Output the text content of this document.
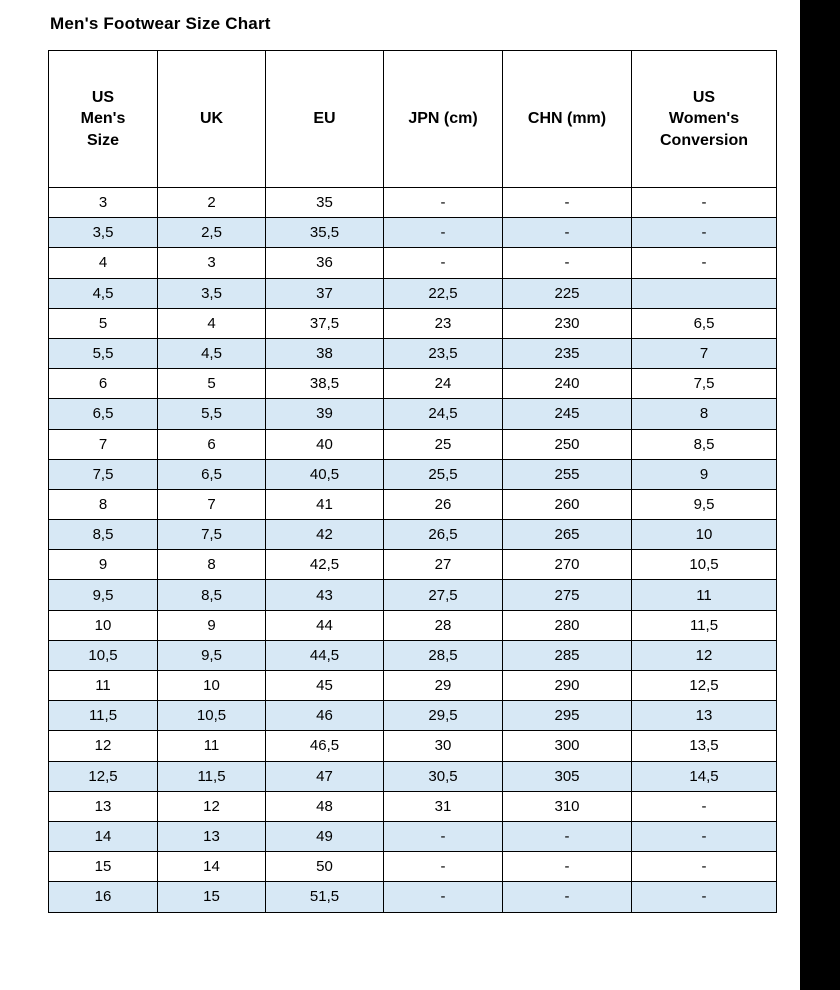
Men's Footwear Size Chart
US
Men's
Size	UK	EU	JPN (cm)	CHN (mm)	US
Women's
Conversion
3	2	35	-	-	-
3,5	2,5	35,5	-	-	-
4	3	36	-	-	-
4,5	3,5	37	22,5	225	
5	4	37,5	23	230	6,5
5,5	4,5	38	23,5	235	7
6	5	38,5	24	240	7,5
6,5	5,5	39	24,5	245	8
7	6	40	25	250	8,5
7,5	6,5	40,5	25,5	255	9
8	7	41	26	260	9,5
8,5	7,5	42	26,5	265	10
9	8	42,5	27	270	10,5
9,5	8,5	43	27,5	275	11
10	9	44	28	280	11,5
10,5	9,5	44,5	28,5	285	12
11	10	45	29	290	12,5
11,5	10,5	46	29,5	295	13
12	11	46,5	30	300	13,5
12,5	11,5	47	30,5	305	14,5
13	12	48	31	310	-
14	13	49	-	-	-
15	14	50	-	-	-
16	15	51,5	-	-	-
